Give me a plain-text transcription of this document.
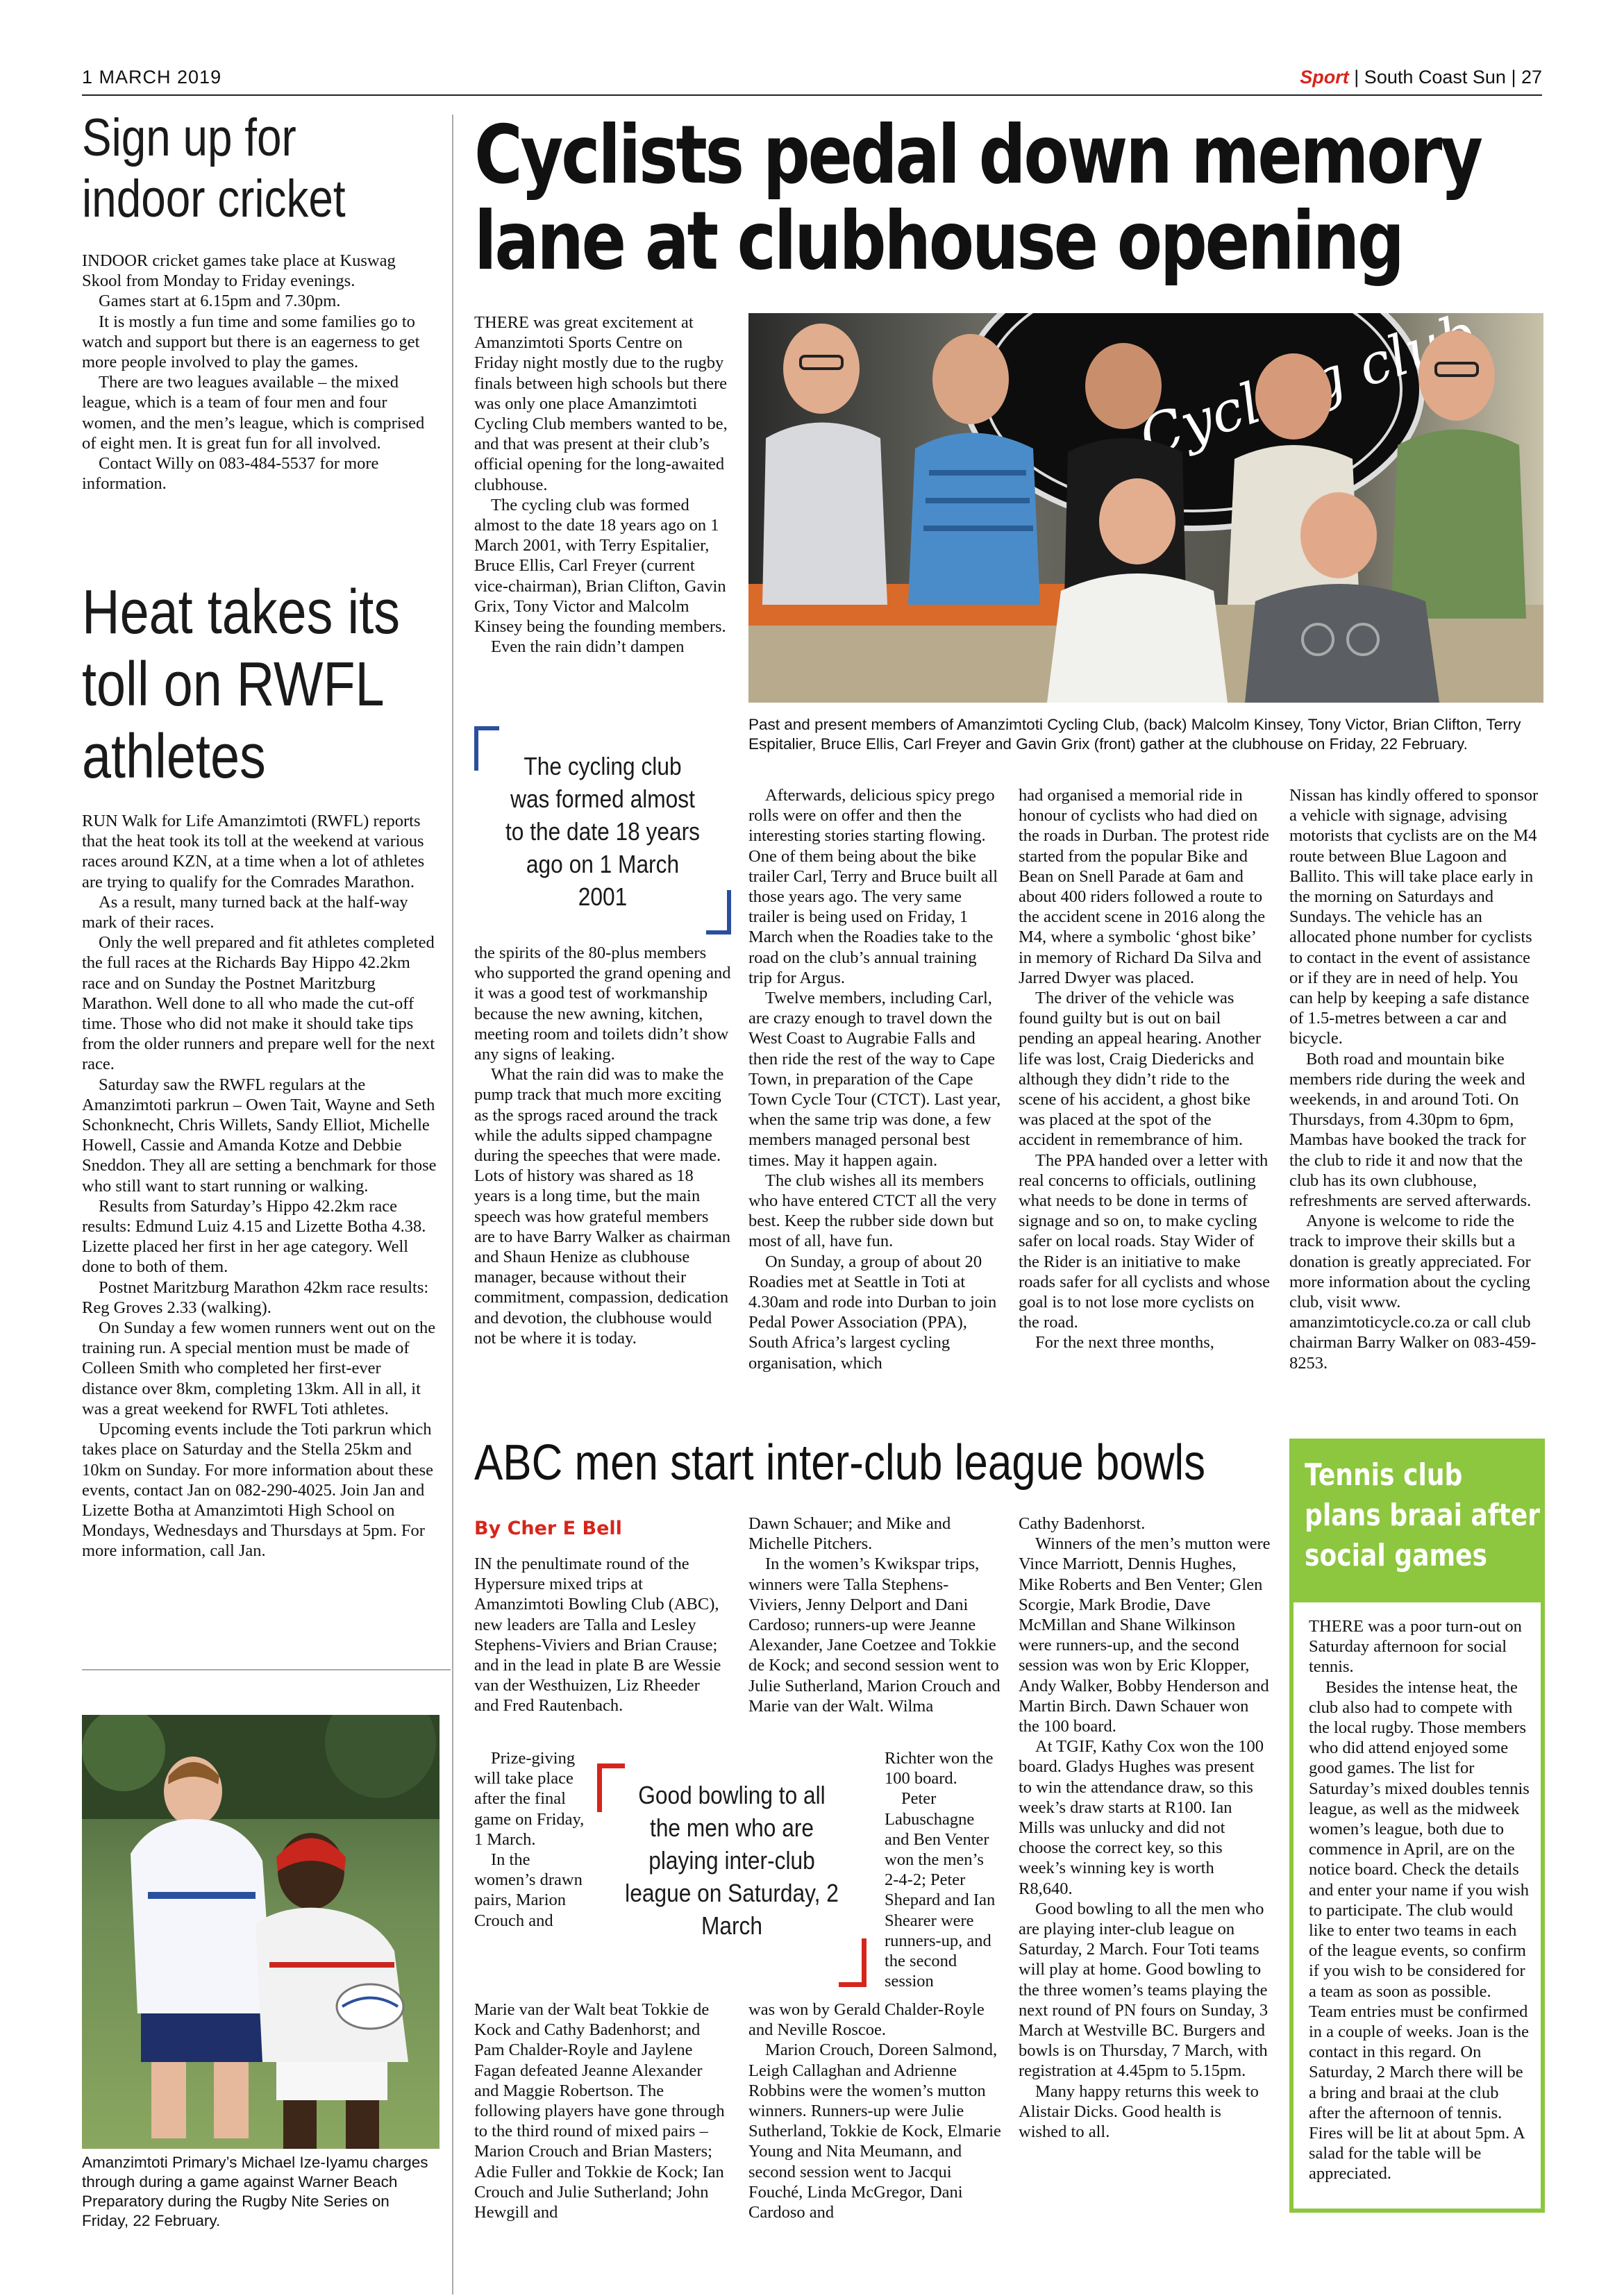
1 MARCH 2019	Sport | South Coast Sun | 27
Sign up for
indoor cricket

INDOOR cricket games take place at Kuswag Skool from Monday to Friday evenings.

Games start at 6.15pm and 7.30pm.

It is mostly a fun time and some families go to watch and support but there is an eagerness to get more people involved to play the games.

There are two leagues available – the mixed league, which is a team of four men and four women, and the men’s league, which is comprised of eight men. It is great fun for all involved.

Contact Willy on 083-484-5537 for more information.

Heat takes its
toll on RWFL
athletes

RUN Walk for Life Amanzimtoti (RWFL) reports that the heat took its toll at the weekend at various races around KZN, at a time when a lot of athletes are trying to qualify for the Comrades Marathon.

As a result, many turned back at the half-way mark of their races.

Only the well prepared and fit athletes completed the full races at the Richards Bay Hippo 42.2km race and on Sunday the Postnet Maritzburg Marathon. Well done to all who made the cut-off time. Those who did not make it should take tips from the older runners and prepare well for the next race.

Saturday saw the RWFL regulars at the Amanzimtoti parkrun – Owen Tait, Wayne and Seth Schonknecht, Chris Willets, Sandy Elliot, Michelle Howell, Cassie and Amanda Kotze and Debbie Sneddon. They all are setting a benchmark for those who still want to start running or walking.

Results from Saturday’s Hippo 42.2km race results: Edmund Luiz 4.15 and Lizette Botha 4.38. Lizette placed her first in her age category. Well done to both of them.

Postnet Maritzburg Marathon 42km race results: Reg Groves 2.33 (walking).

On Sunday a few women runners went out on the training run. A special mention must be made of Colleen Smith who completed her first-ever distance over 8km, completing 13km. All in all, it was a great weekend for RWFL Toti athletes.

Upcoming events include the Toti parkrun which takes place on Saturday and the Stella 25km and 10km on Sunday. For more information about these events, contact Jan on 082-290-4025. Join Jan and Lizette Botha at Amanzimtoti High School on Mondays, Wednesdays and Thursdays at 5pm. For more information, call Jan.

Amanzimtoti Primary’s Michael Ize-Iyamu charges through during a game against Warner Beach Preparatory during the Rugby Nite Series on Friday, 22 February.
Cyclists pedal down memory
lane at clubhouse opening

THERE was great excitement at Amanzimtoti Sports Centre on Friday night mostly due to the rugby finals between high schools but there was only one place Amanzimtoti Cycling Club members wanted to be, and that was present at their club’s official opening for the long-awaited clubhouse.

The cycling club was formed almost to the date 18 years ago on 1 March 2001, with Terry Espitalier, Bruce Ellis, Carl Freyer (current vice-chairman), Brian Clifton, Gavin Grix, Tony Victor and Malcolm Kinsey being the founding members.

Even the rain didn’t dampen

The cycling club was formed almost to the date 18 years ago on 1 March 2001

the spirits of the 80-plus members who supported the grand opening and it was a good test of workmanship because the new awning, kitchen, meeting room and toilets didn’t show any signs of leaking.

What the rain did was to make the pump track that much more exciting as the sprogs raced around the track while the adults sipped champagne during the speeches that were made. Lots of history was shared as 18 years is a long time, but the main speech was how grateful members are to have Barry Walker as chairman and Shaun Henize as clubhouse manager, because without their commitment, compassion, dedication and devotion, the clubhouse would not be where it is today.

Cycling club
Past and present members of Amanzimtoti Cycling Club, (back) Malcolm Kinsey, Tony Victor, Brian Clifton, Terry Espitalier, Bruce Ellis, Carl Freyer and Gavin Grix (front) gather at the clubhouse on Friday, 22 February.

Afterwards, delicious spicy prego rolls were on offer and then the interesting stories starting flowing. One of them being about the bike trailer Carl, Terry and Bruce built all those years ago. The very same trailer is being used on Friday, 1 March when the Roadies take to the road on the club’s annual training trip for Argus.

Twelve members, including Carl, are crazy enough to travel down the West Coast to Augrabie Falls and then ride the rest of the way to Cape Town, in preparation of the Cape Town Cycle Tour (CTCT). Last year, when the same trip was done, a few members managed personal best times. May it happen again.

The club wishes all its members who have entered CTCT all the very best. Keep the rubber side down but most of all, have fun.

On Sunday, a group of about 20 Roadies met at Seattle in Toti at 4.30am and rode into Durban to join Pedal Power Association (PPA), South Africa’s largest cycling organisation, which

had organised a memorial ride in honour of cyclists who had died on the roads in Durban. The protest ride started from the popular Bike and Bean on Snell Parade at 6am and about 400 riders followed a route to the accident scene in 2016 along the M4, where a symbolic ‘ghost bike’ in memory of Richard Da Silva and Jarred Dwyer was placed.

The driver of the vehicle was found guilty but is out on bail pending an appeal hearing. Another life was lost, Craig Diedericks and although they didn’t ride to the scene of his accident, a ghost bike was placed at the spot of the accident in remembrance of him.

The PPA handed over a letter with real concerns to officials, outlining what needs to be done in terms of signage and so on, to make cycling safer on local roads. Stay Wider of the Rider is an initiative to make roads safer for all cyclists and whose goal is to not lose more cyclists on the road.

For the next three months,

Nissan has kindly offered to sponsor a vehicle with signage, advising motorists that cyclists are on the M4 route between Blue Lagoon and Ballito. This will take place early in the morning on Saturdays and Sundays. The vehicle has an allocated phone number for cyclists to contact in the event of assistance or if they are in need of help. You can help by keeping a safe distance of 1.5-metres between a car and bicycle.

Both road and mountain bike members ride during the week and weekends, in and around Toti. On Thursdays, from 4.30pm to 6pm, Mambas have booked the track for the club to ride it and now that the club has its own clubhouse, refreshments are served afterwards.

Anyone is welcome to ride the track to improve their skills but a donation is greatly appreciated. For more information about the cycling club, visit www. amanzimtoticycle.co.za or call club chairman Barry Walker on 083-459-8253.

ABC men start inter-club league bowls
By Cher E Bell

IN the penultimate round of the Hypersure mixed trips at Amanzimtoti Bowling Club (ABC), new leaders are Talla and Lesley Stephens-Viviers and Brian Crause; and in the lead in plate B are Wessie van der Westhuizen, Liz Rheeder and Fred Rautenbach.

Prize-giving will take place after the final game on Friday, 1 March.

In the women’s drawn pairs, Marion Crouch and

Marie van der Walt beat Tokkie de Kock and Cathy Badenhorst; and Pam Chalder-Royle and Jaylene Fagan defeated Jeanne Alexander and Maggie Robertson. The following players have gone through to the third round of mixed pairs – Marion Crouch and Brian Masters; Adie Fuller and Tokkie de Kock; Ian Crouch and Julie Sutherland; John Hewgill and

Dawn Schauer; and Mike and Michelle Pitchers.

In the women’s Kwikspar trips, winners were Talla Stephens-Viviers, Jenny Delport and Dani Cardoso; runners-up were Jeanne Alexander, Jane Coetzee and Tokkie de Kock; and second session went to Julie Sutherland, Marion Crouch and Marie van der Walt. Wilma

Richter won the 100 board.

Peter Labuschagne and Ben Venter won the men’s 2-4-2; Peter Shepard and Ian Shearer were runners-up, and the second session

was won by Gerald Chalder-Royle and Neville Roscoe.

Marion Crouch, Doreen Salmond, Leigh Callaghan and Adrienne Robbins were the women’s mutton winners. Runners-up were Julie Sutherland, Tokkie de Kock, Elmarie Young and Nita Meumann, and second session went to Jacqui Fouché, Linda McGregor, Dani Cardoso and

Good bowling to all the men who are playing inter-club league on Saturday, 2 March

Cathy Badenhorst.

Winners of the men’s mutton were Vince Marriott, Dennis Hughes, Mike Roberts and Ben Venter; Glen Scorgie, Mark Brodie, Dave McMillan and Shane Wilkinson were runners-up, and the second session was won by Eric Klopper, Andy Walker, Bobby Henderson and Martin Birch. Dawn Schauer won the 100 board.

At TGIF, Kathy Cox won the 100 board. Gladys Hughes was present to win the attendance draw, so this week’s draw starts at R100. Ian Mills was unlucky and did not choose the correct key, so this week’s winning key is worth R8,640.

Good bowling to all the men who are playing inter-club league on Saturday, 2 March. Four Toti teams will play at home. Good bowling to the three women’s teams playing the next round of PN fours on Sunday, 3 March at Westville BC. Burgers and bowls is on Thursday, 7 March, with registration at 4.45pm to 5.15pm.

Many happy returns this week to Alistair Dicks. Good health is wished to all.

Tennis club
plans braai after
social games

THERE was a poor turn-out on Saturday afternoon for social tennis.

Besides the intense heat, the club also had to compete with the local rugby. Those members who did attend enjoyed some good games. The list for Saturday’s mixed doubles tennis league, as well as the midweek women’s league, both due to commence in April, are on the notice board. Check the details and enter your name if you wish to participate. The club would like to enter two teams in each of the league events, so confirm if you wish to be considered for a team as soon as possible. Team entries must be confirmed in a couple of weeks. Joan is the contact in this regard. On Saturday, 2 March there will be a bring and braai at the club after the afternoon of tennis. Fires will be lit at about 5pm. A salad for the table will be appreciated.
